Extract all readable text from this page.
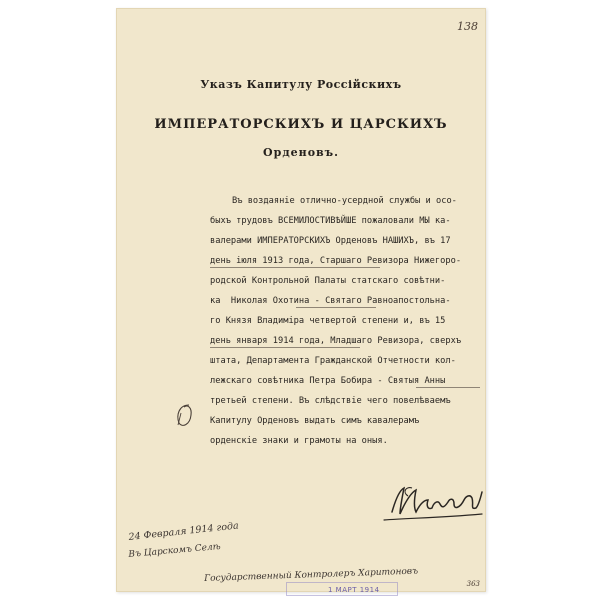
138
Указъ Капитулу Россійскихъ
ИМПЕРАТОРСКИХЪ И ЦАРСКИХЪ
Орденовъ.
Въ воздаяніе отлично-усердной службы и осо-
быхъ трудовъ ВСЕМИЛОСТИВѢЙШЕ пожаловали МЫ ка-
валерами ИМПЕРАТОРСКИХЪ Орденовъ НАШИХЪ, въ 17
день іюля 1913 года, Старшаго Ревизора Нижегоро-
родской Контрольной Палаты статскаго совѣтни-
ка  Николая Охотина - Святаго Равноапостольна-
го Князя Владиміра четвертой степени и, въ 15
день января 1914 года, Младшаго Ревизора, сверхъ
штата, Департамента Гражданской Отчетности кол-
лежскаго совѣтника Петра Бобира - Святыя Анны
третьей степени. Въ слѣдствіе чего повелѣваемъ
Капитулу Орденовъ выдать симъ кавалерамъ
орденскіе знаки и грамоты на оныя.
24 Февраля 1914 года
Въ Царскомъ Селѣ
Государственный Контролеръ Харитоновъ
1 МАРТ 1914
363
